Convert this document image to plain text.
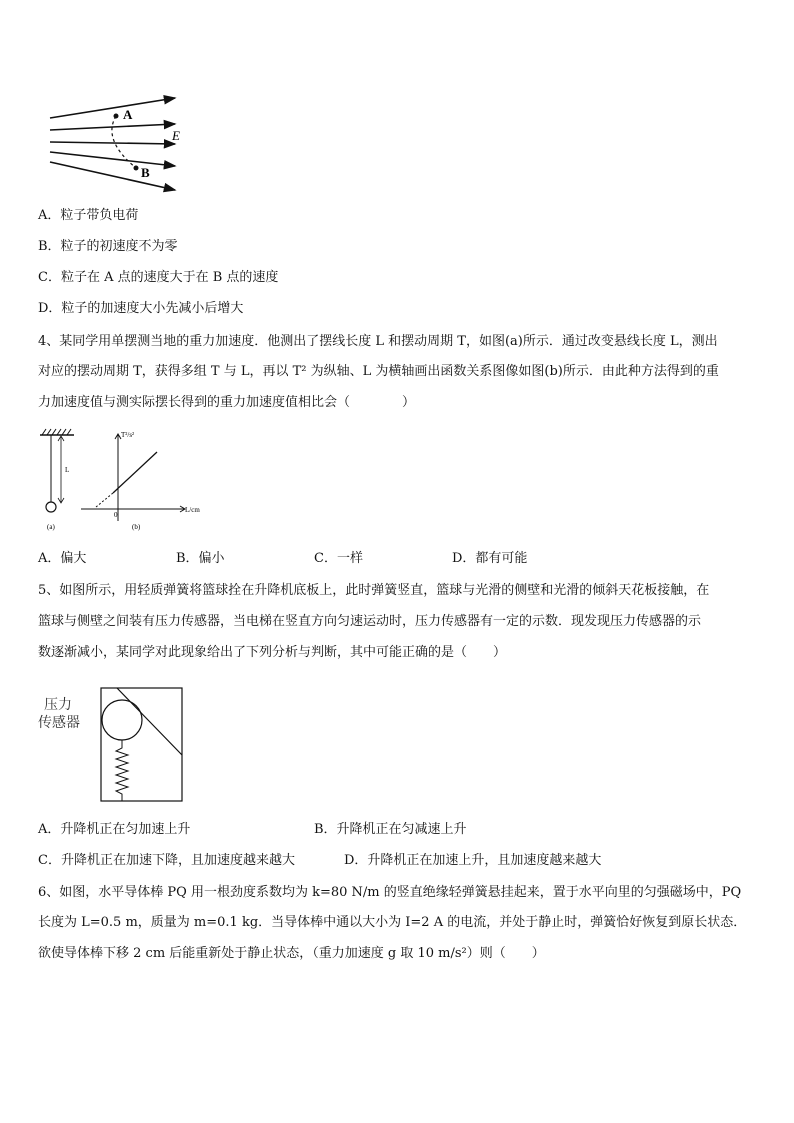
A
B
E
A．粒子带负电荷
B．粒子的初速度不为零
C．粒子在 A 点的速度大于在 B 点的速度
D．粒子的加速度大小先减小后增大
4、某同学用单摆测当地的重力加速度．他测出了摆线长度 L 和摆动周期 T，如图(a)所示．通过改变悬线长度 L，测出
对应的摆动周期 T，获得多组 T 与 L，再以 T² 为纵轴、L 为横轴画出函数关系图像如图(b)所示．由此种方法得到的重
力加速度值与测实际摆长得到的重力加速度值相比会（　　　　）
L
(a)
T²/s²
L/cm
0
(b)
A．偏大	B．偏小	C．一样	D．都有可能
5、如图所示，用轻质弹簧将篮球拴在升降机底板上，此时弹簧竖直，篮球与光滑的侧壁和光滑的倾斜天花板接触，在
篮球与侧壁之间装有压力传感器，当电梯在竖直方向匀速运动时，压力传感器有一定的示数．现发现压力传感器的示
数逐渐减小，某同学对此现象给出了下列分析与判断，其中可能正确的是（　　）
压力
传感器
A．升降机正在匀加速上升	B．升降机正在匀减速上升
C．升降机正在加速下降，且加速度越来越大	D．升降机正在加速上升，且加速度越来越大
6、如图，水平导体棒 PQ 用一根劲度系数均为 k=80 N/m 的竖直绝缘轻弹簧悬挂起来，置于水平向里的匀强磁场中，PQ
长度为 L=0.5 m，质量为 m=0.1 kg．当导体棒中通以大小为 I=2 A 的电流，并处于静止时，弹簧恰好恢复到原长状态．
欲使导体棒下移 2 cm 后能重新处于静止状态，（重力加速度 g 取 10 m/s²）则（　　）
